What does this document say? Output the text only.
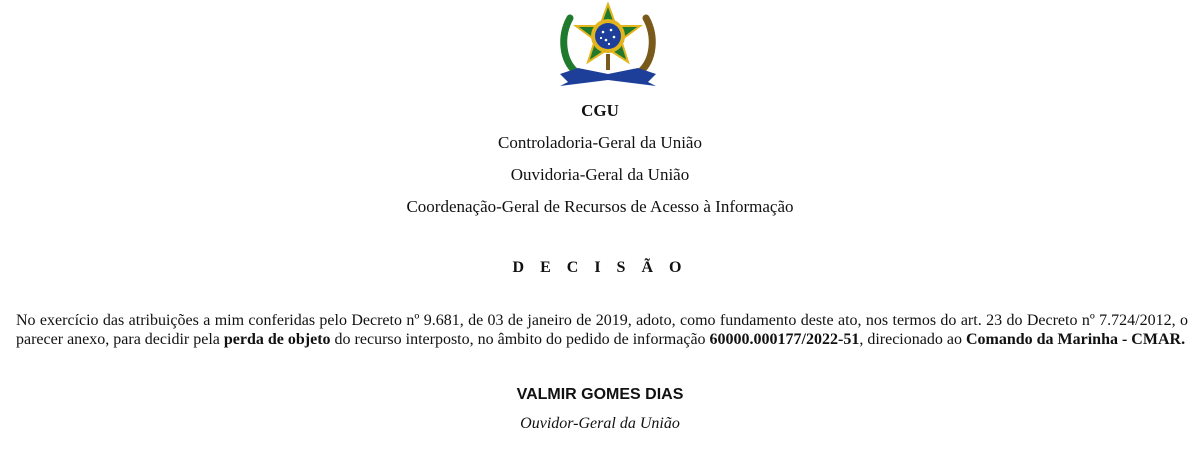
CGU
Controladoria-Geral da União
Ouvidoria-Geral da União
Coordenação-Geral de Recursos de Acesso à Informação
D E C I S Ã O
No exercício das atribuições a mim conferidas pelo Decreto nº 9.681, de 03 de janeiro de 2019, adoto, como fundamento deste ato, nos termos do art. 23 do Decreto nº 7.724/2012, o parecer anexo, para decidir pela perda de objeto do recurso interposto, no âmbito do pedido de informação 60000.000177/2022-51, direcionado ao Comando da Marinha - CMAR.
VALMIR GOMES DIAS
Ouvidor-Geral da União
